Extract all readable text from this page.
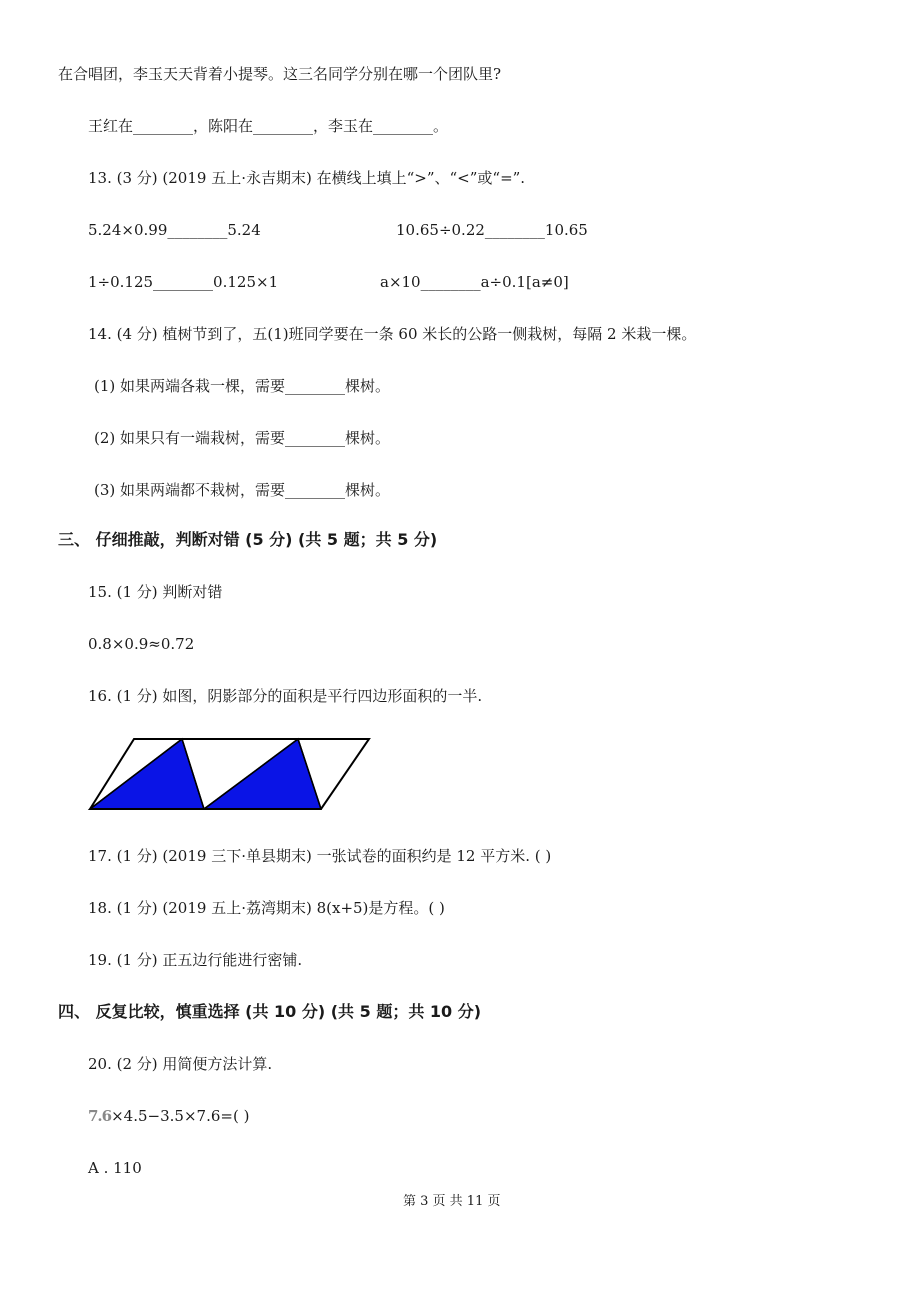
在合唱团，李玉天天背着小提琴。这三名同学分别在哪一个团队里?
王红在________，陈阳在________，李玉在________。
13. (3 分) (2019 五上·永吉期末) 在横线上填上“>”、“<”或“=”.
5.24×0.99________5.24	10.65÷0.22________10.65
1÷0.125________0.125×1	a×10________a÷0.1[a≠0]
14. (4 分) 植树节到了，五(1)班同学要在一条 60 米长的公路一侧栽树，每隔 2 米栽一棵。
(1) 如果两端各栽一棵，需要________棵树。
(2) 如果只有一端栽树，需要________棵树。
(3) 如果两端都不栽树，需要________棵树。
三、 仔细推敲，判断对错 (5 分) (共 5 题；共 5 分)
15. (1 分) 判断对错
0.8×0.9≈0.72
16. (1 分) 如图，阴影部分的面积是平行四边形面积的一半.
17. (1 分) (2019 三下·单县期末) 一张试卷的面积约是 12 平方米. ( )
18. (1 分) (2019 五上·荔湾期末) 8(x+5)是方程。( )
19. (1 分) 正五边行能进行密铺.
四、 反复比较，慎重选择 (共 10 分) (共 5 题；共 10 分)
20. (2 分) 用简便方法计算.
7.6×4.5−3.5×7.6=( )
A . 110
第 3 页 共 11 页
